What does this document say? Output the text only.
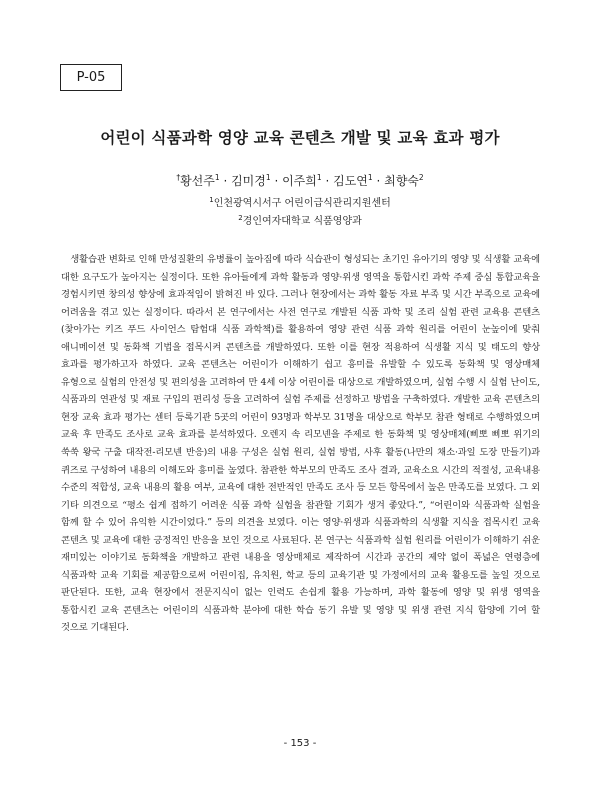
P-05
어린이 식품과학 영양 교육 콘텐츠 개발 및 교육 효과 평가
†황선주$^1$ · 김미경$^1$ · 이주희$^1$ · 김도연$^1$ · 최향숙$^2$
$^1$인천광역시서구 어린이급식관리지원센터
$^2$경인여자대학교 식품영양과

생활습관 변화로 인해 만성질환의 유병률이 높아짐에 따라 식습관이 형성되는 초기인 유아기의 영양 및 식생활 교육에 대한 요구도가 높아지는 실정이다. 또한 유아들에게 과학 활동과 영양·위생 영역을 통합시킨 과학 주제 중심 통합교육을 경험시키면 창의성 향상에 효과적임이 밝혀진 바 있다. 그러나 현장에서는 과학 활동 자료 부족 및 시간 부족으로 교육에 어려움을 겪고 있는 실정이다. 따라서 본 연구에서는 사전 연구로 개발된 식품 과학 및 조리 실험 관련 교육용 콘텐츠(찾아가는 키즈 푸드 사이언스 탐험대 식품 과학책)를 활용하여 영양 관련 식품 과학 원리를 어린이 눈높이에 맞춰 애니메이션 및 동화책 기법을 접목시켜 콘텐츠를 개발하였다. 또한 이를 현장 적용하여 식생활 지식 및 태도의 향상 효과를 평가하고자 하였다. 교육 콘텐츠는 어린이가 이해하기 쉽고 흥미를 유발할 수 있도록 동화책 및 영상매체 유형으로 실험의 안전성 및 편의성을 고려하여 만 4세 이상 어린이를 대상으로 개발하였으며, 실험 수행 시 실험 난이도, 식품과의 연관성 및 재료 구입의 편리성 등을 고려하여 실험 주제를 선정하고 방법을 구축하였다. 개발한 교육 콘텐츠의 현장 교육 효과 평가는 센터 등록기관 5곳의 어린이 93명과 학부모 31명을 대상으로 학부모 참관 형태로 수행하였으며 교육 후 만족도 조사로 교육 효과를 분석하였다. 오렌지 속 리모넨을 주제로 한 동화책 및 영상매체(삐뽀 삐뽀 위기의 쑥쑥 왕국 구출 대작전-리모넨 반응)의 내용 구성은 실험 원리, 실험 방법, 사후 활동(나만의 채소·과일 도장 만들기)과 퀴즈로 구성하여 내용의 이해도와 흥미를 높였다. 참관한 학부모의 만족도 조사 결과, 교육소요 시간의 적절성, 교육내용 수준의 적합성, 교육 내용의 활용 여부, 교육에 대한 전반적인 만족도 조사 등 모든 항목에서 높은 만족도를 보였다. 그 외 기타 의견으로 “평소 쉽게 접하기 어려운 식품 과학 실험을 참관할 기회가 생겨 좋았다.”, “어린이와 식품과학 실험을 함께 할 수 있어 유익한 시간이었다.” 등의 의견을 보였다. 이는 영양·위생과 식품과학의 식생활 지식을 접목시킨 교육 콘텐츠 및 교육에 대한 긍정적인 반응을 보인 것으로 사료된다. 본 연구는 식품과학 실험 원리를 어린이가 이해하기 쉬운 재미있는 이야기로 동화책을 개발하고 관련 내용을 영상매체로 제작하여 시간과 공간의 제약 없이 폭넓은 연령층에 식품과학 교육 기회를 제공함으로써 어린이집, 유치원, 학교 등의 교육기관 및 가정에서의 교육 활용도를 높일 것으로 판단된다. 또한, 교육 현장에서 전문지식이 없는 인력도 손쉽게 활용 가능하며, 과학 활동에 영양 및 위생 영역을 통합시킨 교육 콘텐츠는 어린이의 식품과학 분야에 대한 학습 동기 유발 및 영양 및 위생 관련 지식 함양에 기여 할 것으로 기대된다.

- 153 -
